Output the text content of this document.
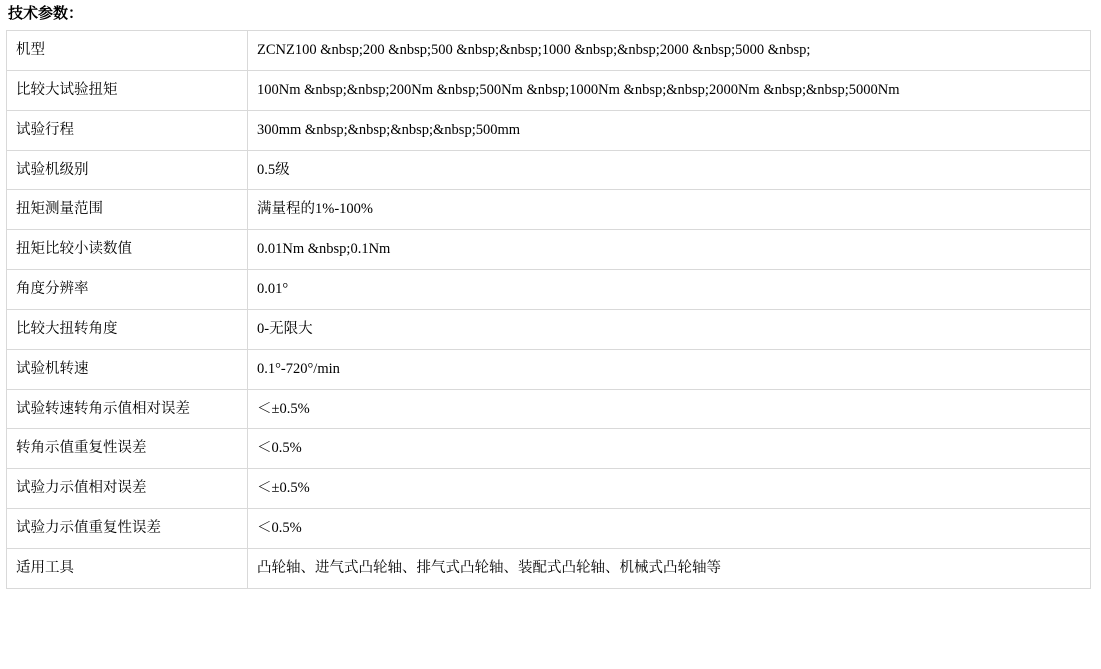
技术参数：
机型	ZCNZ100 &nbsp;200 &nbsp;500 &nbsp;&nbsp;1000 &nbsp;&nbsp;2000 &nbsp;5000 &nbsp;
比较大试验扭矩	100Nm &nbsp;&nbsp;200Nm &nbsp;500Nm &nbsp;1000Nm &nbsp;&nbsp;2000Nm &nbsp;&nbsp;5000Nm
试验行程	300mm &nbsp;&nbsp;&nbsp;&nbsp;500mm
试验机级别	0.5级
扭矩测量范围	满量程的1%-100%
扭矩比较小读数值	0.01Nm &nbsp;0.1Nm
角度分辨率	0.01°
比较大扭转角度	0-无限大
试验机转速	0.1°-720°/min
试验转速转角示值相对误差	＜±0.5%
转角示值重复性误差	＜0.5%
试验力示值相对误差	＜±0.5%
试验力示值重复性误差	＜0.5%
适用工具	凸轮轴、进气式凸轮轴、排气式凸轮轴、装配式凸轮轴、机械式凸轮轴等
